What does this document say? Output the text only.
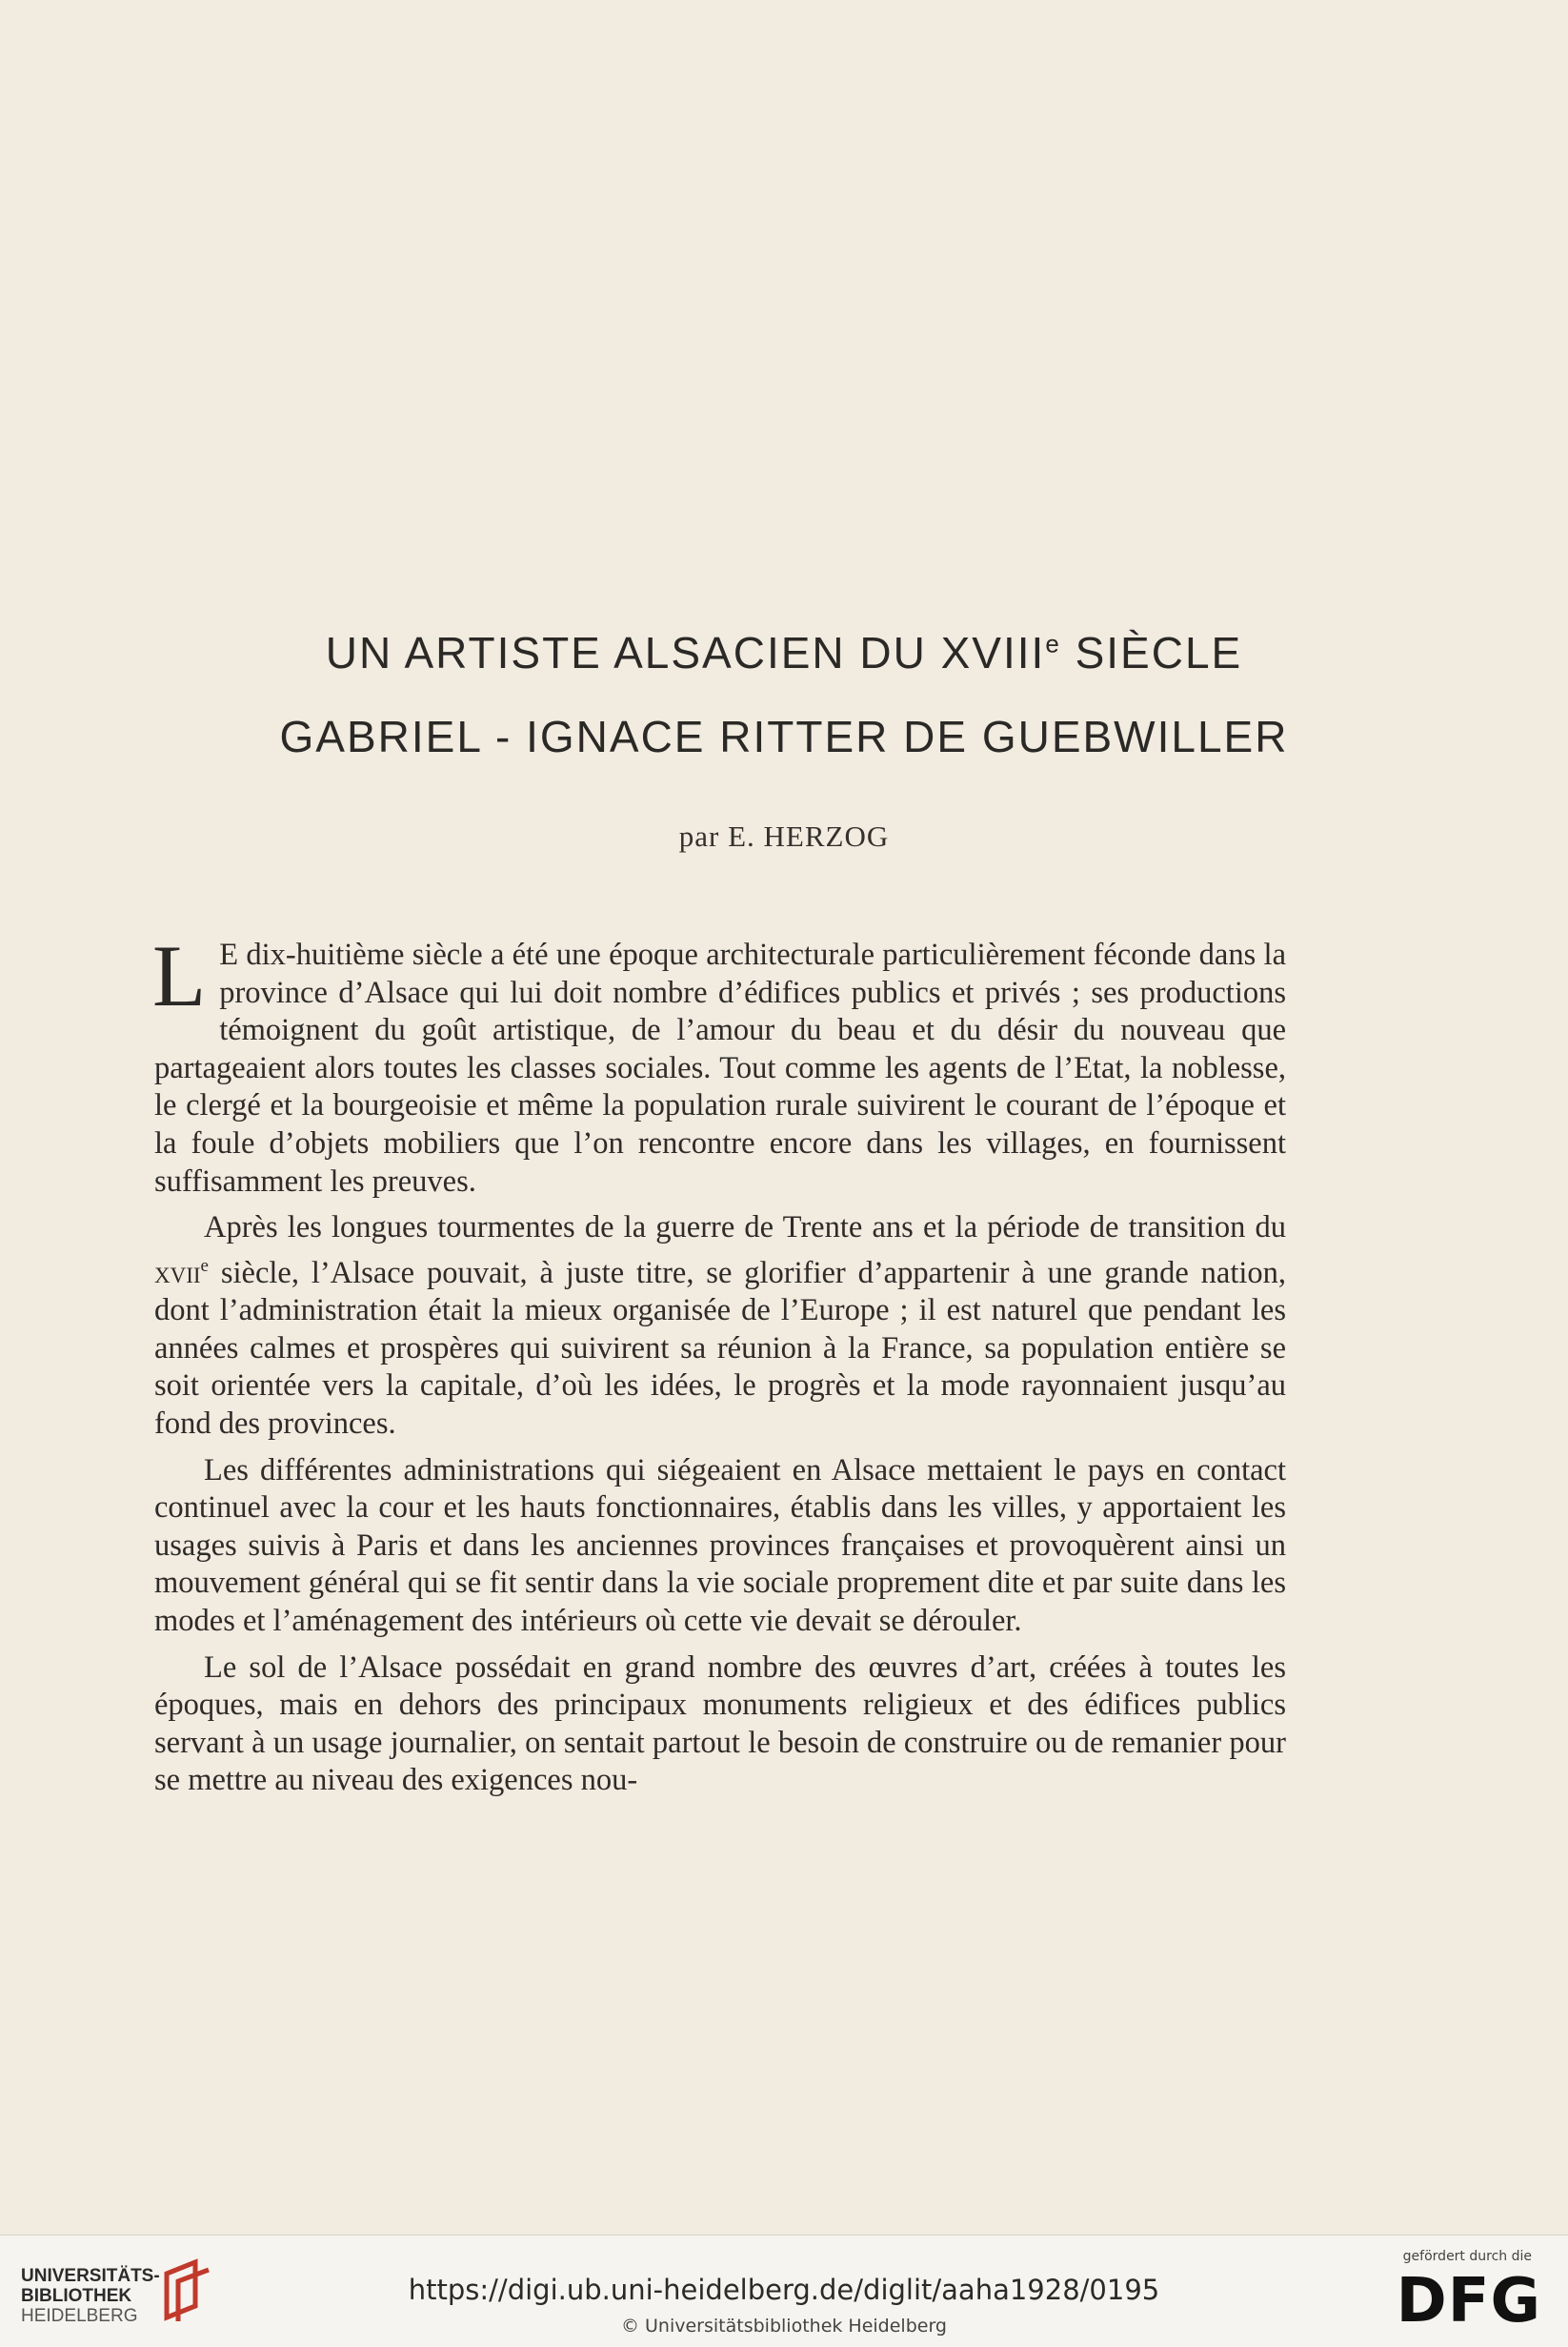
UN ARTISTE ALSACIEN DU XVIIIe SIÈCLE
GABRIEL - IGNACE RITTER DE GUEBWILLER
par E. HERZOG

L E dix-huitième siècle a été une époque architecturale particulièrement féconde dans la province d’Alsace qui lui doit nombre d’édifices publics et privés ; ses productions témoignent du goût artistique, de l’amour du beau et du désir du nouveau que partageaient alors toutes les classes sociales. Tout comme les agents de l’Etat, la noblesse, le clergé et la bourgeoisie et même la population rurale suivirent le courant de l’époque et la foule d’objets mobiliers que l’on rencontre encore dans les villages, en fournissent suffisamment les preuves.

Après les longues tourmentes de la guerre de Trente ans et la période de transition du xvii$^e$ siècle, l’Alsace pouvait, à juste titre, se glorifier d’appartenir à une grande nation, dont l’administration était la mieux organisée de l’Europe ; il est naturel que pendant les années calmes et prospères qui suivirent sa réunion à la France, sa population entière se soit orientée vers la capitale, d’où les idées, le progrès et la mode rayonnaient jusqu’au fond des provinces.

Les différentes administrations qui siégeaient en Alsace mettaient le pays en contact continuel avec la cour et les hauts fonctionnaires, établis dans les villes, y apportaient les usages suivis à Paris et dans les anciennes provinces françaises et provoquèrent ainsi un mouvement général qui se fit sentir dans la vie sociale proprement dite et par suite dans les modes et l’aménagement des intérieurs où cette vie devait se dérouler.

Le sol de l’Alsace possédait en grand nombre des œuvres d’art, créées à toutes les époques, mais en dehors des principaux monuments religieux et des édifices publics servant à un usage journalier, on sentait partout le besoin de construire ou de remanier pour se mettre au niveau des exigences nou-

UNIVERSITÄTS-
BIBLIOTHEK
HEIDELBERG
https://digi.ub.uni-heidelberg.de/diglit/aaha1928/0195
© Universitätsbibliothek Heidelberg
gefördert durch die
DFG
